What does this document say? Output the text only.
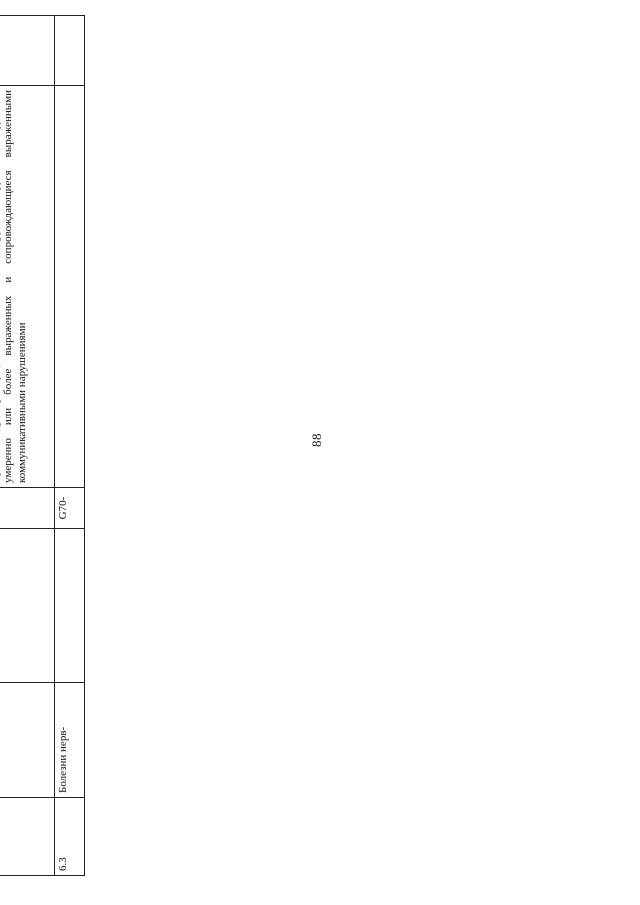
88

				умеренно или более выраженных и сопровождающиеся выраженными коммуникативными нарушениями	
6.3	Болезни нерв-		G70-		
